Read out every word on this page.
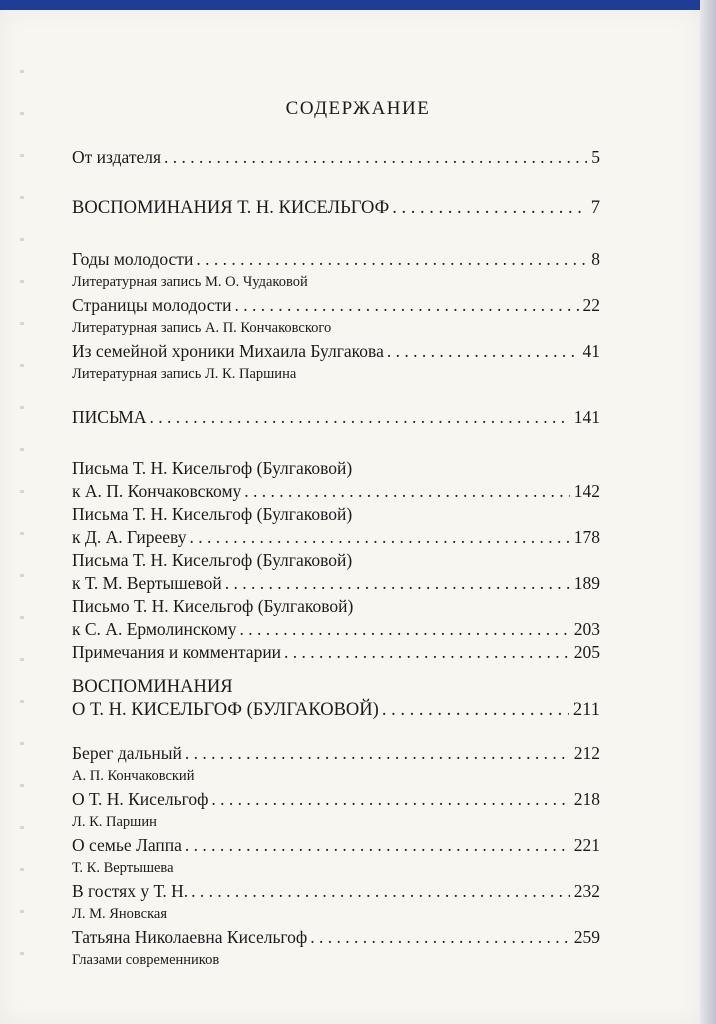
СОДЕРЖАНИЕ
От издателя . . .	5
ВОСПОМИНАНИЯ Т. Н. КИСЕЛЬГОФ . . .	7
Годы молодости . . .	8
Литературная запись М. О. Чудаковой
Страницы молодости . . .	22
Литературная запись А. П. Кончаковского
Из семейной хроники Михаила Булгакова . . .	41
Литературная запись Л. К. Паршина
ПИСЬМА . . .	141
Письма Т. Н. Кисельгоф (Булгаковой)
к А. П. Кончаковскому . . .	142
Письма Т. Н. Кисельгоф (Булгаковой)
к Д. А. Гирееву . . .	178
Письма Т. Н. Кисельгоф (Булгаковой)
к Т. М. Вертышевой . . .	189
Письмо Т. Н. Кисельгоф (Булгаковой)
к С. А. Ермолинскому . . .	203
Примечания и комментарии . . .	205
ВОСПОМИНАНИЯ
О Т. Н. КИСЕЛЬГОФ (БУЛГАКОВОЙ) . . .	211
Берег дальный . . .	212
А. П. Кончаковский
О Т. Н. Кисельгоф . . .	218
Л. К. Паршин
О семье Лаппа . . .	221
Т. К. Вертышева
В гостях у Т. Н. . . .	232
Л. М. Яновская
Татьяна Николаевна Кисельгоф . . .	259
Глазами современников
